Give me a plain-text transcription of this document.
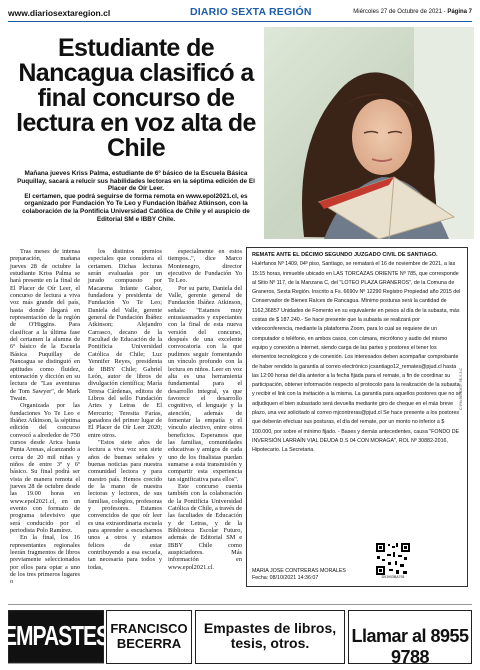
www.diariosextaregion.cl	DIARIO SEXTA REGIÓN	Miércoles 27 de Octubre de 2021 - Página 7
Estudiante de Nancagua clasificó a final concurso de lectura en voz alta de Chile

Mañana jueves Kriss Palma, estudiante de 6º básico de la Escuela Básica Puquillay, sacará a relucir sus habilidades lectoras en la séptima edición de El Placer de Oír Leer.

El certamen, que podrá seguirse de forma remota en www.epol2021.cl, es organizado por Fundación Yo Te Leo y Fundación Ibáñez Atkinson, con la colaboración de la Pontificia Universidad Católica de Chile y el auspicio de Editorial SM e IBBY Chile.

Tras meses de intensa preparación, mañana jueves 28 de octubre la estudiante Kriss Palma se hará presente en la final de El Placer de Oír Leer, el concurso de lectura a viva voz más grande del país, hasta donde llegará en representación de la región de O'Higgins. Para clasificar a la última fase del certamen la alumna de 6º básico de la Escuela Básica Puquillay de Nancagua se distinguió en aptitudes como fluidez, entonación y dicción en su lectura de "Las aventuras de Tom Sawyer", de Mark Twain.

Organizada por las fundaciones Yo Te Leo e Ibáñez Atkinson, la séptima edición del concurso convocó a alrededor de 750 cursos desde Arica hasta Punta Arenas, alcanzando a cerca de 20 mil niñas y niños de entre 3º y 6º básico. Su final podrá ser vista de manera remota el jueves 28 de octubre desde las 19.00 horas en www.epol2021.cl, en un evento con formato de programa televisivo que será conducido por el periodista Polo Ramírez.

En la final, los 16 representantes regionales leerán fragmentos de libros previamente seleccionados por ellos para optar a uno de los tres primeros lugares o

los distintos premios especiales que considera el certamen. Dichas lecturas serán evaluadas por un jurado compuesto por Macarena Infante Gabor, fundadora y presidenta de Fundación Yo Te Leo; Daniela del Valle, gerente general de Fundación Ibáñez Atkinson; Alejandro Carrasco, decano de la Facultad de Educación de la Pontificia Universidad Católica de Chile; Luz Yennifer Reyes, presidenta de IBBY Chile; Gabriel León, autor de libros de divulgación científica; María Teresa Cárdenas, editora de Libros del sello Fundación Artes y Letras de El Mercurio; Teresita Farías, ganadora del primer lugar de El Placer de Oír Leer 2020; entre otros.

"Estos siete años de lectura a viva voz son siete años de buenas señales y buenas noticias para nuestra comunidad lectora y para nuestro país. Hemos crecido de la mano de nuestra lectoras y lectores, de sus familias, colegios, profesoras y profesores. Estamos convencidos de que oír leer es una extraordinaria escuela para aprender a escucharnos unos a otros y estamos felices de estar contribuyendo a esa escuela, tan necesaria para todos y todas,

especialmente en estos tiempos..", dice Marco Montenegro, director ejecutivo de Fundación Yo Te Leo.

Por su parte, Daniela del Valle, gerente general de Fundación Ibáñez Atkinson, señala: "Estamos muy entusiasmados y expectantes con la final de esta nueva versión del concurso, después de una excelente convocatoria con la que pudimos seguir fomentando un vínculo profundo con la lectura en niños. Leer en voz alta es una herramienta fundamental para el desarrollo integral, ya que favorece el desarrollo cognitivo, el lenguaje y la atención, además de fomentar la empatía y el vínculo afectivo, entre otros beneficios. Esperamos que las familias, comunidades educativas y amigos de cada uno de los finalistas puedan sumarse a esta transmisión y compartir esta experiencia tan significativa para ellos".

Este concurso cuenta también con la colaboración de la Pontificia Universidad Católica de Chile, a través de las facultades de Educación y de Letras, y de la Biblioteca Escolar Futuro, además de Editorial SM e IBBY Chile como auspiciadores. Más información en www.epol2021.cl.

REMATE ANTE EL DÉCIMO SEGUNDO JUZGADO CIVIL DE SANTIAGO.
Huérfanos Nº 1409, 04º piso, Santiago, se rematará el 16 de noviembre de 2021, a las 15:15 horas, inmueble ubicado en LAS TORCAZAS ORIENTE Nº 785, que corresponde al Sitio Nº 117, de la Manzana C, del "LOTEO PLAZA GRANEROS", de la Comuna de Graneros, Sexta Región. Inscrito a Fs. 6690v Nº 12290 Registro Propiedad año 2015 del Conservador de Bienes Raíces de Rancagua. Mínimo posturas será la cantidad de 1162,36857 Unidades de Fomento en su equivalente en pesos al día de la subasta, más costas de $ 187.240.- Se hace presente que la subasta se realizará por videoconferencia, mediante la plataforma Zoom, para lo cual se requiere de un computador o teléfono, en ambos casos, con cámara, micrófono y audio del mismo equipo y conexión a internet, siendo carga de las partes y postores el tener los elementos tecnológicos y de conexión. Los interesados deben acompañar comprobante de haber rendido la garantía al correo electrónico jcsantiago12_remates@pjud.cl hasta las 12:00 horas del día anterior a la fecha fijada para el remate, a fin de coordinar su participación, obtener información respecto al protocolo para la realización de la subasta y recibir el link con la invitación a la misma. La garantía para aquellos postores que no se adjudiquen el bien subastado será devuelta mediante giro de cheque en el más breve plazo, una vez solicitado al correo mjcontreras@pjud.cl Se hace presente a los postores que deberán efectuar sus posturas, el día del remate, por un monto no inferior a $ 100.000, por sobre el mínimo fijado. - Bases y demás antecedentes, causa "FONDO DE INVERSIÓN LARRAÍN VIAL DEUDA D.S 04 CON MORAGA", ROL Nº 30882-2016, Hipotecario. La Secretaria.
MARIA JOSE CONTRERAS MORALES
Fecha: 08/10/2021 14:36:07	D91903BA793
C:\FM-9E-4D47F-9E-9-3-C
EMPASTES FRANCISCO
BECERRA
Empastes de libros,
tesis, otros.	Llamar al 8955 9788
